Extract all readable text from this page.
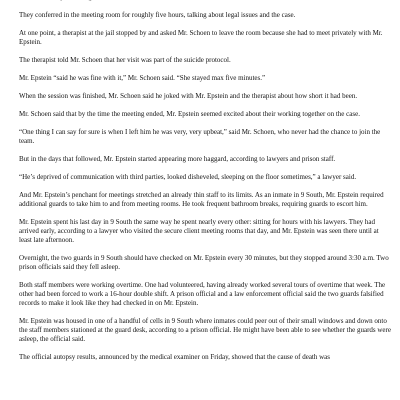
They conferred in the meeting room for roughly five hours, talking about legal issues and the case.

At one point, a therapist at the jail stopped by and asked Mr. Schoen to leave the room because she had to meet privately with Mr. Epstein.

The therapist told Mr. Schoen that her visit was part of the suicide protocol.

Mr. Epstein “said he was fine with it,” Mr. Schoen said. “She stayed max five minutes.”

When the session was finished, Mr. Schoen said he joked with Mr. Epstein and the therapist about how short it had been.

Mr. Schoen said that by the time the meeting ended, Mr. Epstein seemed excited about their working together on the case.

“One thing I can say for sure is when I left him he was very, very upbeat,” said Mr. Schoen, who never had the chance to join the team.

But in the days that followed, Mr. Epstein started appearing more haggard, according to lawyers and prison staff.

“He’s deprived of communication with third parties, looked disheveled, sleeping on the floor sometimes,” a lawyer said.

And Mr. Epstein’s penchant for meetings stretched an already thin staff to its limits. As an inmate in 9 South, Mr. Epstein required additional guards to take him to and from meeting rooms. He took frequent bathroom breaks, requiring guards to escort him.

Mr. Epstein spent his last day in 9 South the same way he spent nearly every other: sitting for hours with his lawyers. They had arrived early, according to a lawyer who visited the secure client meeting rooms that day, and Mr. Epstein was seen there until at least late afternoon.

Overnight, the two guards in 9 South should have checked on Mr. Epstein every 30 minutes, but they stopped around 3:30 a.m. Two prison officials said they fell asleep.

Both staff members were working overtime. One had volunteered, having already worked several tours of overtime that week. The other had been forced to work a 16-hour double shift. A prison official and a law enforcement official said the two guards falsified records to make it look like they had checked in on Mr. Epstein.

Mr. Epstein was housed in one of a handful of cells in 9 South where inmates could peer out of their small windows and down onto the staff members stationed at the guard desk, according to a prison official. He might have been able to see whether the guards were asleep, the official said.

The official autopsy results, announced by the medical examiner on Friday, showed that the cause of death was
